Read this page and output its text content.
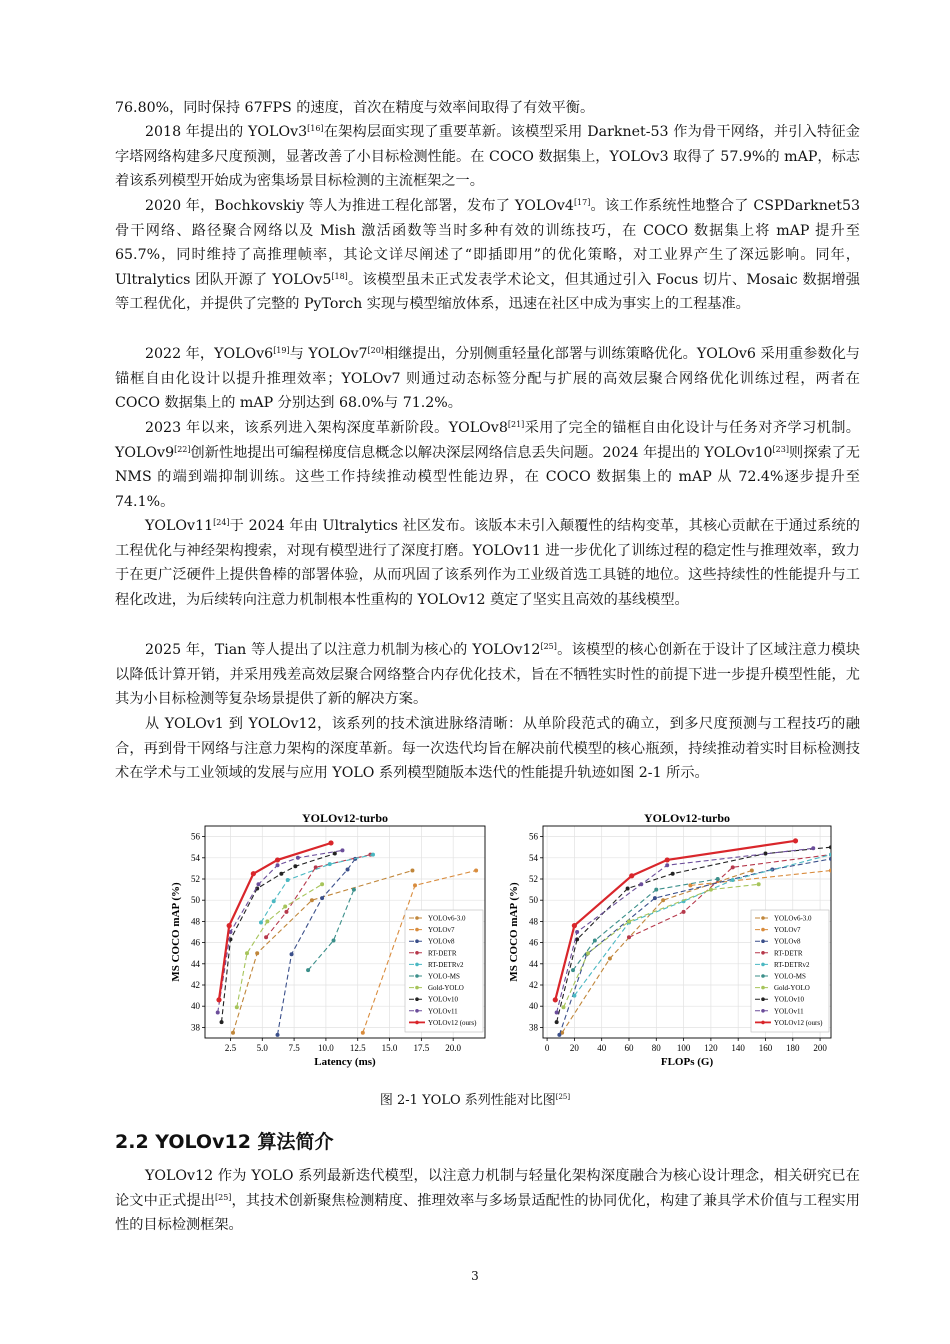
76.80%，同时保持 67FPS 的速度，首次在精度与效率间取得了有效平衡。

2018 年提出的 YOLOv3[16]在架构层面实现了重要革新。该模型采用 Darknet-53 作为骨干网络，并引入特征金字塔网络构建多尺度预测，显著改善了小目标检测性能。在 COCO 数据集上，YOLOv3 取得了 57.9%的 mAP，标志着该系列模型开始成为密集场景目标检测的主流框架之一。

2020 年，Bochkovskiy 等人为推进工程化部署，发布了 YOLOv4[17]。该工作系统性地整合了 CSPDarknet53 骨干网络、路径聚合网络以及 Mish 激活函数等当时多种有效的训练技巧，在 COCO 数据集上将 mAP 提升至 65.7%，同时维持了高推理帧率，其论文详尽阐述了“即插即用”的优化策略，对工业界产生了深远影响。同年，Ultralytics 团队开源了 YOLOv5[18]。该模型虽未正式发表学术论文，但其通过引入 Focus 切片、Mosaic 数据增强等工程优化，并提供了完整的 PyTorch 实现与模型缩放体系，迅速在社区中成为事实上的工程基准。

2022 年，YOLOv6[19]与 YOLOv7[20]相继提出，分别侧重轻量化部署与训练策略优化。YOLOv6 采用重参数化与锚框自由化设计以提升推理效率；YOLOv7 则通过动态标签分配与扩展的高效层聚合网络优化训练过程，两者在 COCO 数据集上的 mAP 分别达到 68.0%与 71.2%。

2023 年以来，该系列进入架构深度革新阶段。YOLOv8[21]采用了完全的锚框自由化设计与任务对齐学习机制。YOLOv9[22]创新性地提出可编程梯度信息概念以解决深层网络信息丢失问题。2024 年提出的 YOLOv10[23]则探索了无 NMS 的端到端抑制训练。这些工作持续推动模型性能边界，在 COCO 数据集上的 mAP 从 72.4%逐步提升至 74.1%。

YOLOv11[24]于 2024 年由 Ultralytics 社区发布。该版本未引入颠覆性的结构变革，其核心贡献在于通过系统的工程优化与神经架构搜索，对现有模型进行了深度打磨。YOLOv11 进一步优化了训练过程的稳定性与推理效率，致力于在更广泛硬件上提供鲁棒的部署体验，从而巩固了该系列作为工业级首选工具链的地位。这些持续性的性能提升与工程化改进，为后续转向注意力机制根本性重构的 YOLOv12 奠定了坚实且高效的基线模型。

2025 年，Tian 等人提出了以注意力机制为核心的 YOLOv12[25]。该模型的核心创新在于设计了区域注意力模块以降低计算开销，并采用残差高效层聚合网络整合内存优化技术，旨在不牺牲实时性的前提下进一步提升模型性能，尤其为小目标检测等复杂场景提供了新的解决方案。

从 YOLOv1 到 YOLOv12，该系列的技术演进脉络清晰：从单阶段范式的确立，到多尺度预测与工程技巧的融合，再到骨干网络与注意力架构的深度革新。每一次迭代均旨在解决前代模型的核心瓶颈，持续推动着实时目标检测技术在学术与工业领域的发展与应用 YOLO 系列模型随版本迭代的性能提升轨迹如图 2-1 所示。

YOLOv12-turbo
38
40
42
44
46
48
50
52
54
56
2.5 5.0 7.5 10.0 12.5 15.0 17.5 20.0
Latency (ms)
MS COCO mAP (%)	YOLOv6-3.0
YOLOv7
YOLOv8
RT-DETR
RT-DETRv2
YOLO-MS
Gold-YOLO
YOLOv10
YOLOv11
YOLOv12 (ours)
YOLOv12-turbo
38
40
42
44
46
48
50
52
54
56
0 20 40 60 80 100 120 140 160 180 200
FLOPs (G)
MS COCO mAP (%)	YOLOv6-3.0
YOLOv7
YOLOv8
RT-DETR
RT-DETRv2
YOLO-MS
Gold-YOLO
YOLOv10
YOLOv11
YOLOv12 (ours)
图 2-1 YOLO 系列性能对比图[25]
2.2 YOLOv12 算法简介

YOLOv12 作为 YOLO 系列最新迭代模型，以注意力机制与轻量化架构深度融合为核心设计理念，相关研究已在论文中正式提出[25]，其技术创新聚焦检测精度、推理效率与多场景适配性的协同优化，构建了兼具学术价值与工程实用性的目标检测框架。

3
